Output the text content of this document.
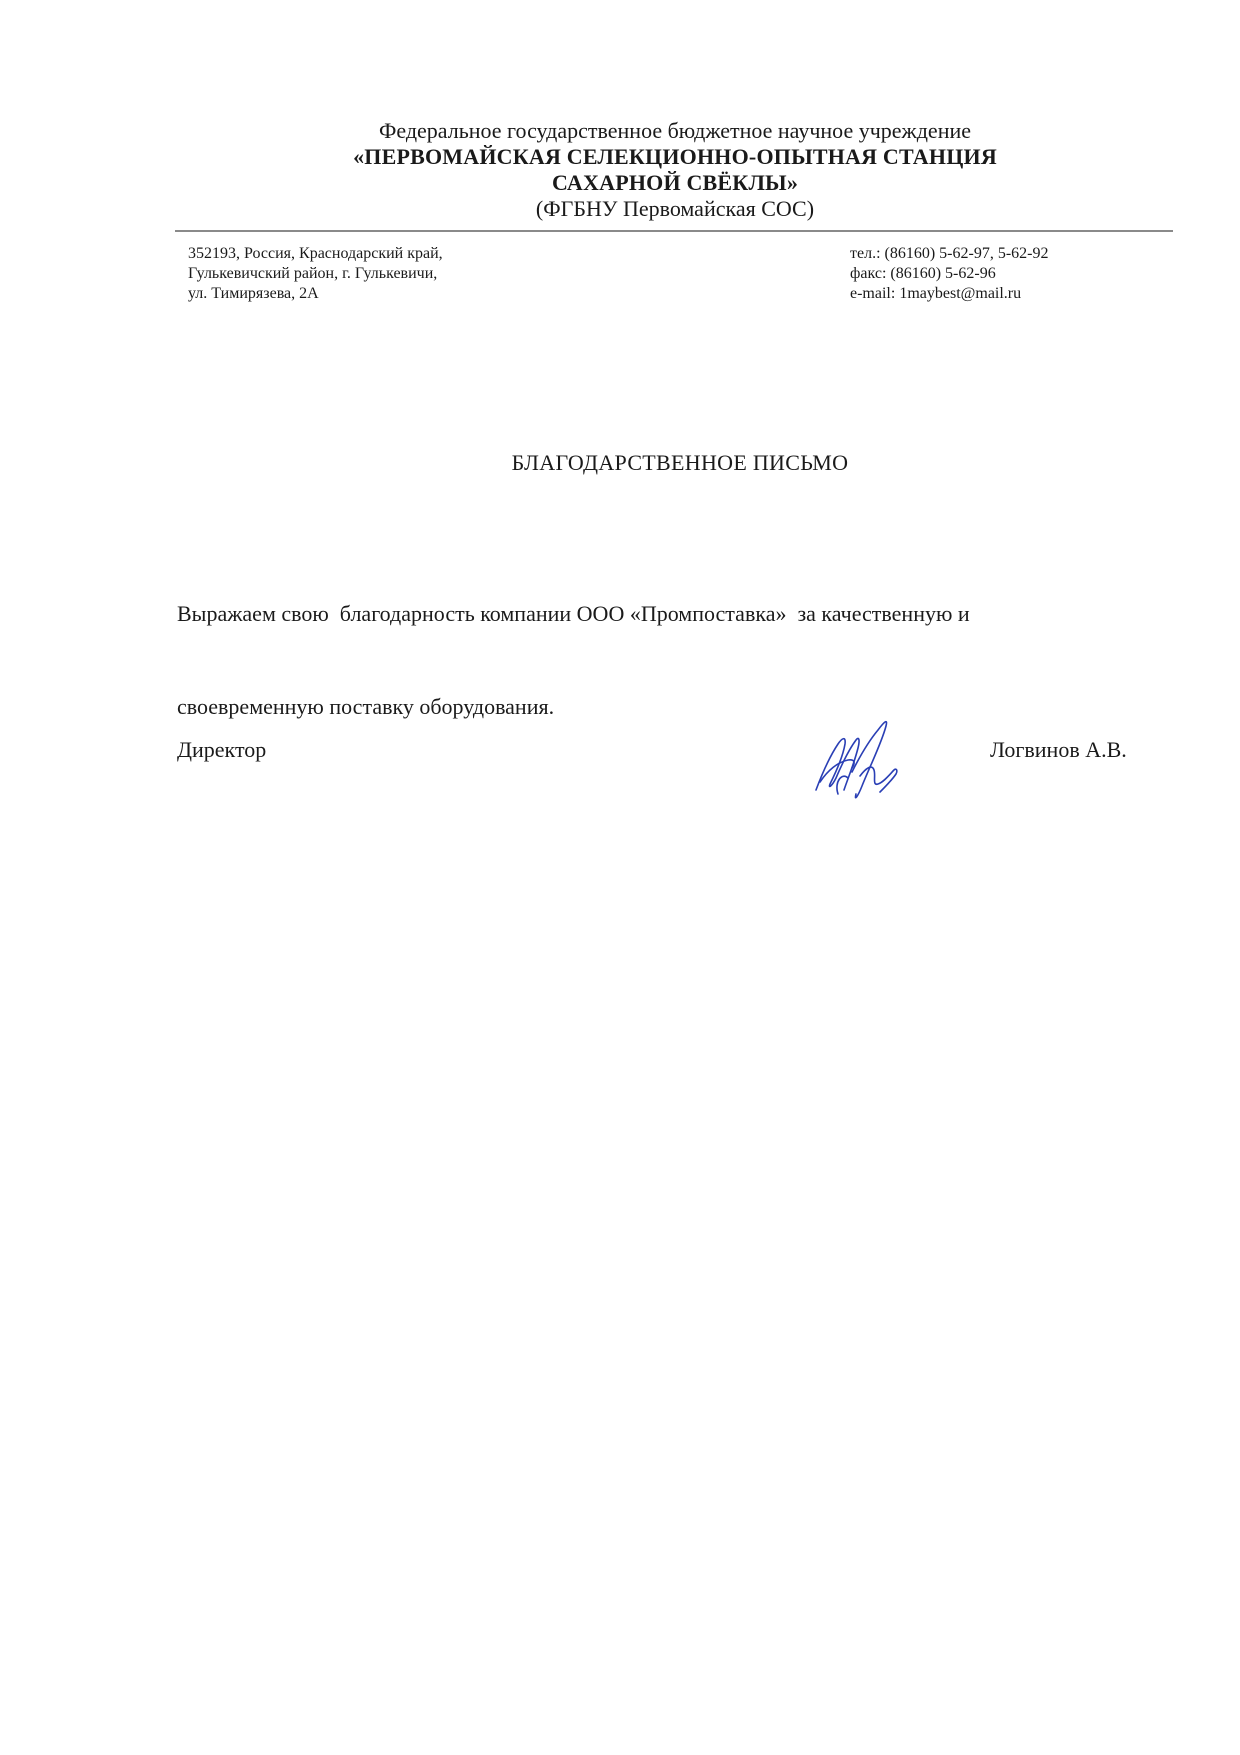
Федеральное государственное бюджетное научное учреждение
«ПЕРВОМАЙСКАЯ СЕЛЕКЦИОННО-ОПЫТНАЯ СТАНЦИЯ
САХАРНОЙ СВЁКЛЫ»
(ФГБНУ Первомайская СОС)
352193, Россия, Краснодарский край,
Гулькевичский район, г. Гулькевичи,
ул. Тимирязева, 2А
тел.: (86160) 5-62-97, 5-62-92
факс: (86160) 5-62-96
e-mail: 1maybest@mail.ru
БЛАГОДАРСТВЕННОЕ ПИСЬМО

Выражаем свою  благодарность компании ООО «Промпоставка»  за качественную и

своевременную поставку оборудования.

Директор	Логвинов А.В.
